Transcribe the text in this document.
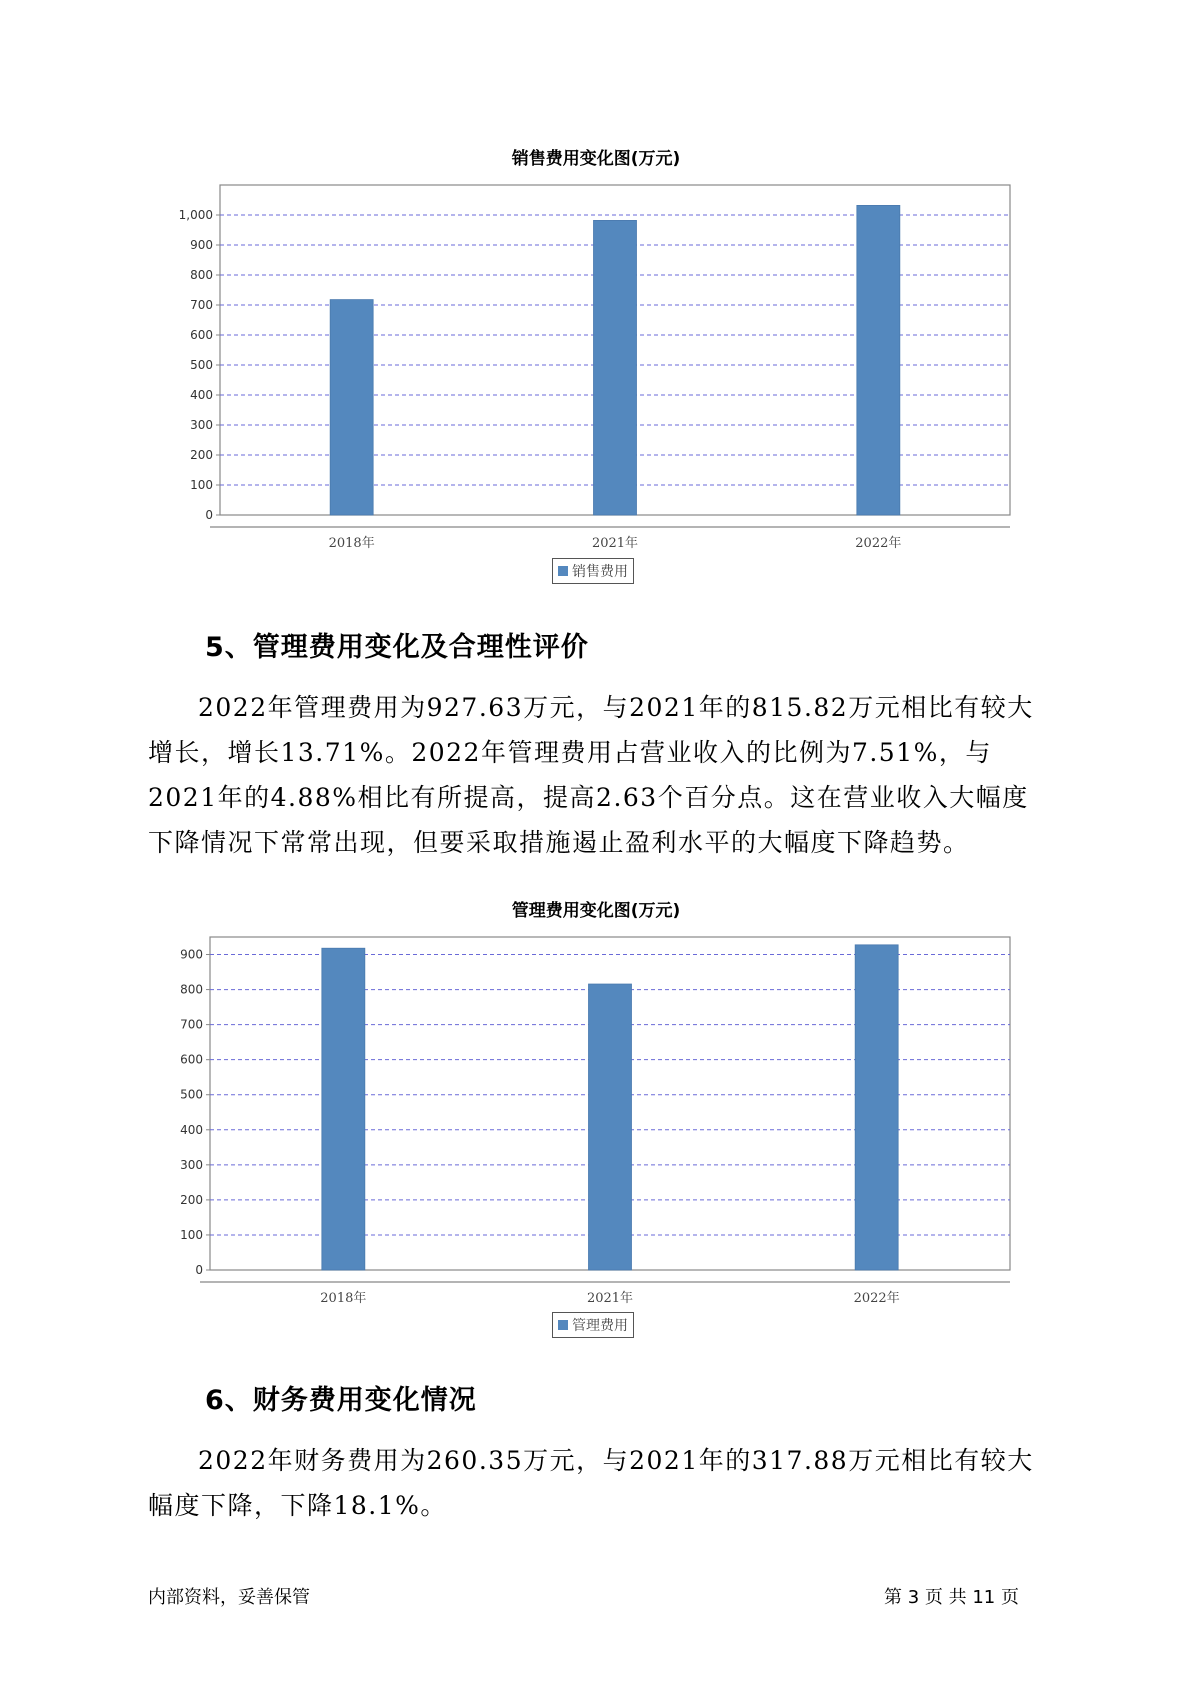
销售费用变化图(万元)
0
100
200
300
400
500
600
700
800
900
1,000
2018年	2021年	2022年
销售费用
5、管理费用变化及合理性评价

2022年管理费用为927.63万元，与2021年的815.82万元相比有较大增长，增长13.71%。2022年管理费用占营业收入的比例为7.51%，与2021年的4.88%相比有所提高，提高2.63个百分点。这在营业收入大幅度下降情况下常常出现，但要采取措施遏止盈利水平的大幅度下降趋势。

管理费用变化图(万元)
0
100
200
300
400
500
600
700
800
900
2018年	2021年	2022年
管理费用
6、财务费用变化情况

2022年财务费用为260.35万元，与2021年的317.88万元相比有较大幅度下降，下降18.1%。

内部资料，妥善保管	第 3 页 共 11 页
